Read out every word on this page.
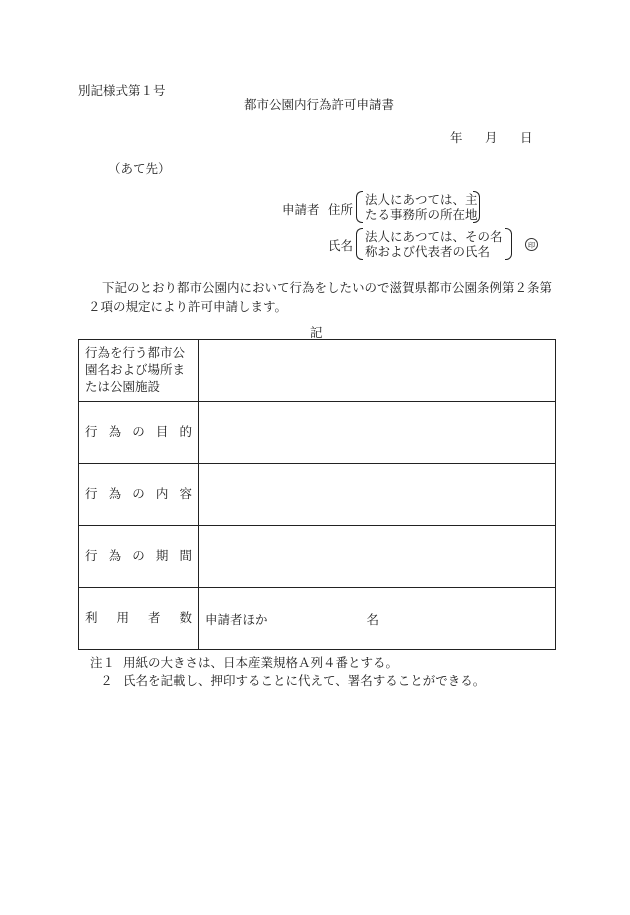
別記様式第１号
都市公園内行為許可申請書
年 月 日
（あて先）
申請者 住所
法人にあつては、主
たる事務所の所在地
氏名
法人にあつては、その名
称および代表者の氏名	印
下記のとおり都市公園内において行為をしたいので滋賀県都市公園条例第２条第２項の規定により許可申請します。
記
行為を行う都市公園名および場所または公園施設	
行為の目的	
行為の内容	
行為の期間	
利用者数	申請者ほか 名
注１ 用紙の大きさは、日本産業規格Ａ列４番とする。
２ 氏名を記載し、押印することに代えて、署名することができる。
